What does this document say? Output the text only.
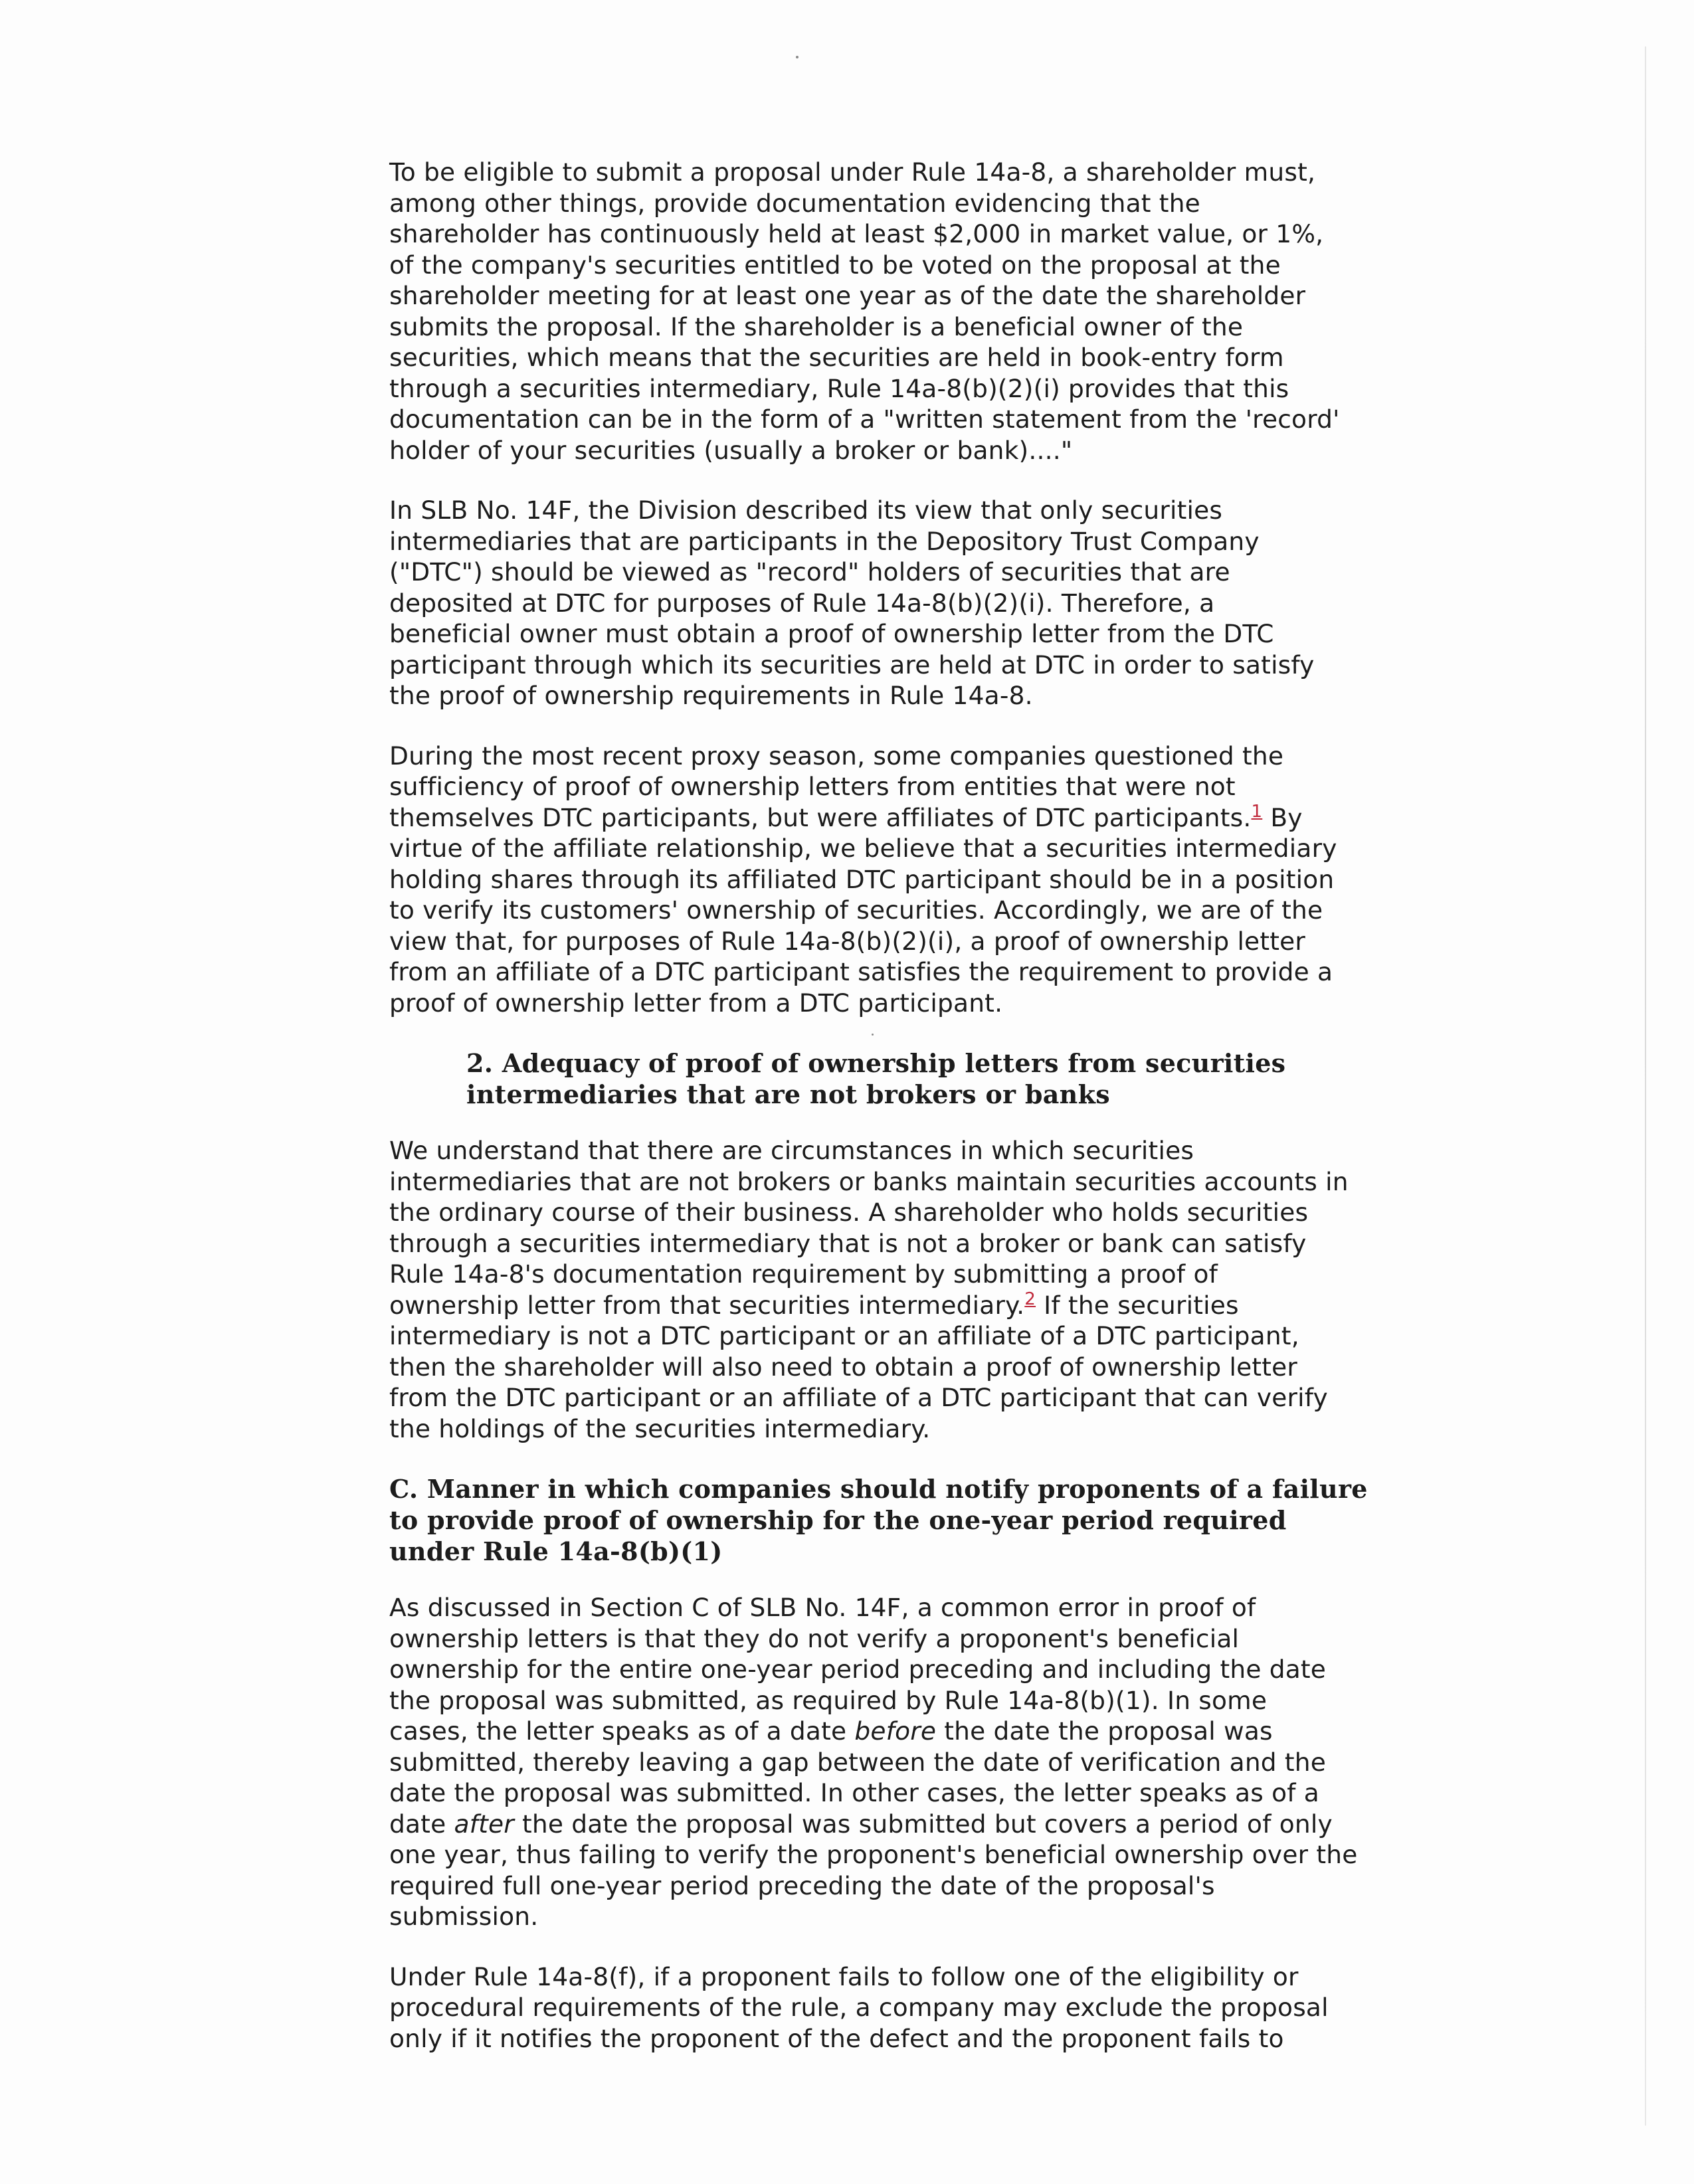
To be eligible to submit a proposal under Rule 14a-8, a shareholder must,
among other things, provide documentation evidencing that the
shareholder has continuously held at least $2,000 in market value, or 1%,
of the company's securities entitled to be voted on the proposal at the
shareholder meeting for at least one year as of the date the shareholder
submits the proposal. If the shareholder is a beneficial owner of the
securities, which means that the securities are held in book-entry form
through a securities intermediary, Rule 14a-8(b)(2)(i) provides that this
documentation can be in the form of a "written statement from the 'record'
holder of your securities (usually a broker or bank)...."

In SLB No. 14F, the Division described its view that only securities
intermediaries that are participants in the Depository Trust Company
("DTC") should be viewed as "record" holders of securities that are
deposited at DTC for purposes of Rule 14a-8(b)(2)(i). Therefore, a
beneficial owner must obtain a proof of ownership letter from the DTC
participant through which its securities are held at DTC in order to satisfy
the proof of ownership requirements in Rule 14a-8.

During the most recent proxy season, some companies questioned the
sufficiency of proof of ownership letters from entities that were not
themselves DTC participants, but were affiliates of DTC participants.$^1$ By
virtue of the affiliate relationship, we believe that a securities intermediary
holding shares through its affiliated DTC participant should be in a position
to verify its customers' ownership of securities. Accordingly, we are of the
view that, for purposes of Rule 14a-8(b)(2)(i), a proof of ownership letter
from an affiliate of a DTC participant satisfies the requirement to provide a
proof of ownership letter from a DTC participant.

2. Adequacy of proof of ownership letters from securities
intermediaries that are not brokers or banks

We understand that there are circumstances in which securities
intermediaries that are not brokers or banks maintain securities accounts in
the ordinary course of their business. A shareholder who holds securities
through a securities intermediary that is not a broker or bank can satisfy
Rule 14a-8's documentation requirement by submitting a proof of
ownership letter from that securities intermediary.$^2$ If the securities
intermediary is not a DTC participant or an affiliate of a DTC participant,
then the shareholder will also need to obtain a proof of ownership letter
from the DTC participant or an affiliate of a DTC participant that can verify
the holdings of the securities intermediary.

C. Manner in which companies should notify proponents of a failure
to provide proof of ownership for the one-year period required
under Rule 14a-8(b)(1)

As discussed in Section C of SLB No. 14F, a common error in proof of
ownership letters is that they do not verify a proponent's beneficial
ownership for the entire one-year period preceding and including the date
the proposal was submitted, as required by Rule 14a-8(b)(1). In some
cases, the letter speaks as of a date before the date the proposal was
submitted, thereby leaving a gap between the date of verification and the
date the proposal was submitted. In other cases, the letter speaks as of a
date after the date the proposal was submitted but covers a period of only
one year, thus failing to verify the proponent's beneficial ownership over the
required full one-year period preceding the date of the proposal's
submission.

Under Rule 14a-8(f), if a proponent fails to follow one of the eligibility or
procedural requirements of the rule, a company may exclude the proposal
only if it notifies the proponent of the defect and the proponent fails to
